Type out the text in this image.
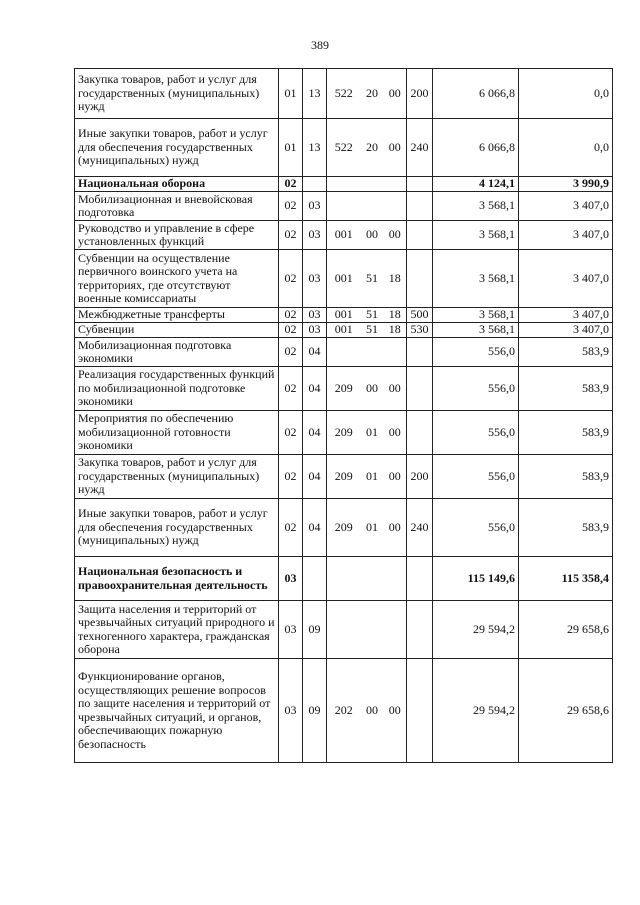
389
Закупка товаров, работ и услуг для государственных (муниципальных) нужд	01	13	522	20	00	200	6 066,8	0,0
Иные закупки товаров, работ и услуг для обеспечения государственных (муниципальных) нужд	01	13	522	20	00	240	6 066,8	0,0
Национальная оборона	02						4 124,1	3 990,9
Мобилизационная и вневойсковая подготовка	02	03					3 568,1	3 407,0
Руководство и управление в сфере установленных функций	02	03	001	00	00		3 568,1	3 407,0
Субвенции на осуществление первичного воинского учета на территориях, где отсутствуют военные комиссариаты	02	03	001	51	18		3 568,1	3 407,0
Межбюджетные трансферты	02	03	001	51	18	500	3 568,1	3 407,0
Субвенции	02	03	001	51	18	530	3 568,1	3 407,0
Мобилизационная подготовка экономики	02	04					556,0	583,9
Реализация государственных функций по мобилизационной подготовке экономики	02	04	209	00	00		556,0	583,9
Мероприятия по обеспечению мобилизационной готовности экономики	02	04	209	01	00		556,0	583,9
Закупка товаров, работ и услуг для государственных (муниципальных) нужд	02	04	209	01	00	200	556,0	583,9
Иные закупки товаров, работ и услуг для обеспечения государственных (муниципальных) нужд	02	04	209	01	00	240	556,0	583,9
Национальная безопасность и правоохранительная деятельность	03						115 149,6	115 358,4
Защита населения и территорий от чрезвычайных ситуаций природного и техногенного характера, гражданская оборона	03	09					29 594,2	29 658,6
Функционирование органов, осуществляющих решение вопросов по защите населения и территорий от чрезвычайных ситуаций, и органов, обеспечивающих пожарную безопасность	03	09	202	00	00		29 594,2	29 658,6
